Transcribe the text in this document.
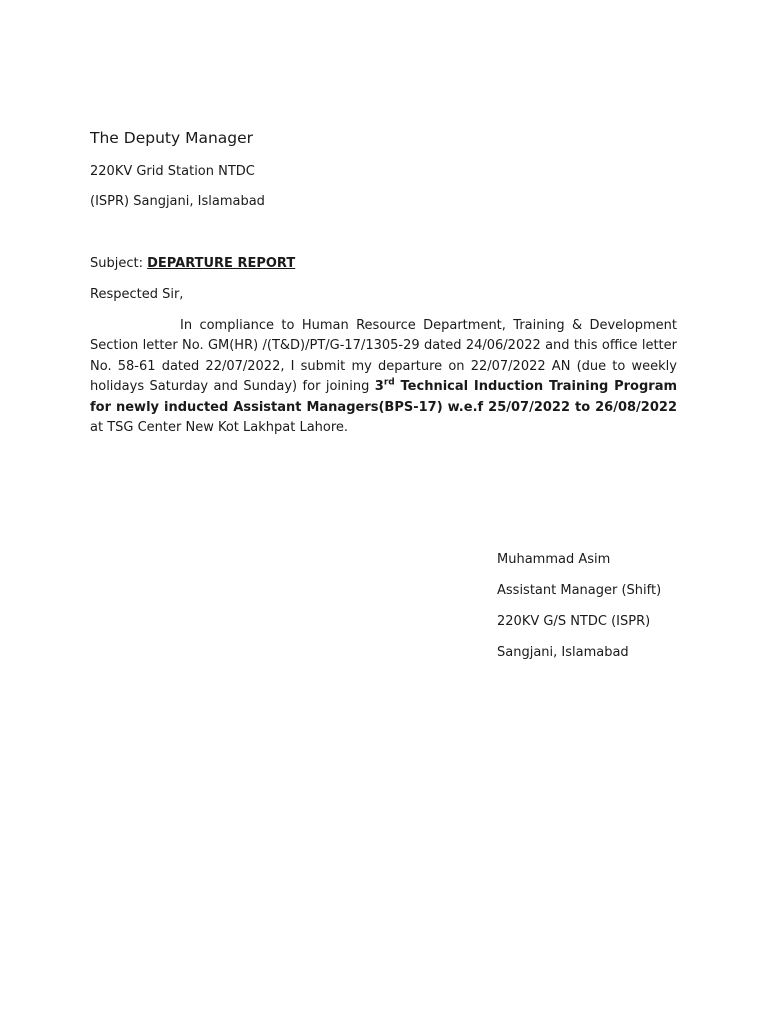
The Deputy Manager
220KV Grid Station NTDC
(ISPR) Sangjani, Islamabad
Subject: DEPARTURE REPORT
Respected Sir,
In compliance to Human Resource Department, Training & Development Section letter No. GM(HR) /(T&D)/PT/G-17/1305-29 dated 24/06/2022 and this office letter No. 58-61 dated 22/07/2022, I submit my departure on 22/07/2022 AN (due to weekly holidays Saturday and Sunday) for joining 3rd Technical Induction Training Program for newly inducted Assistant Managers(BPS-17) w.e.f 25/07/2022 to 26/08/2022 at TSG Center New Kot Lakhpat Lahore.
Muhammad Asim
Assistant Manager (Shift)
220KV G/S NTDC (ISPR)
Sangjani, Islamabad
